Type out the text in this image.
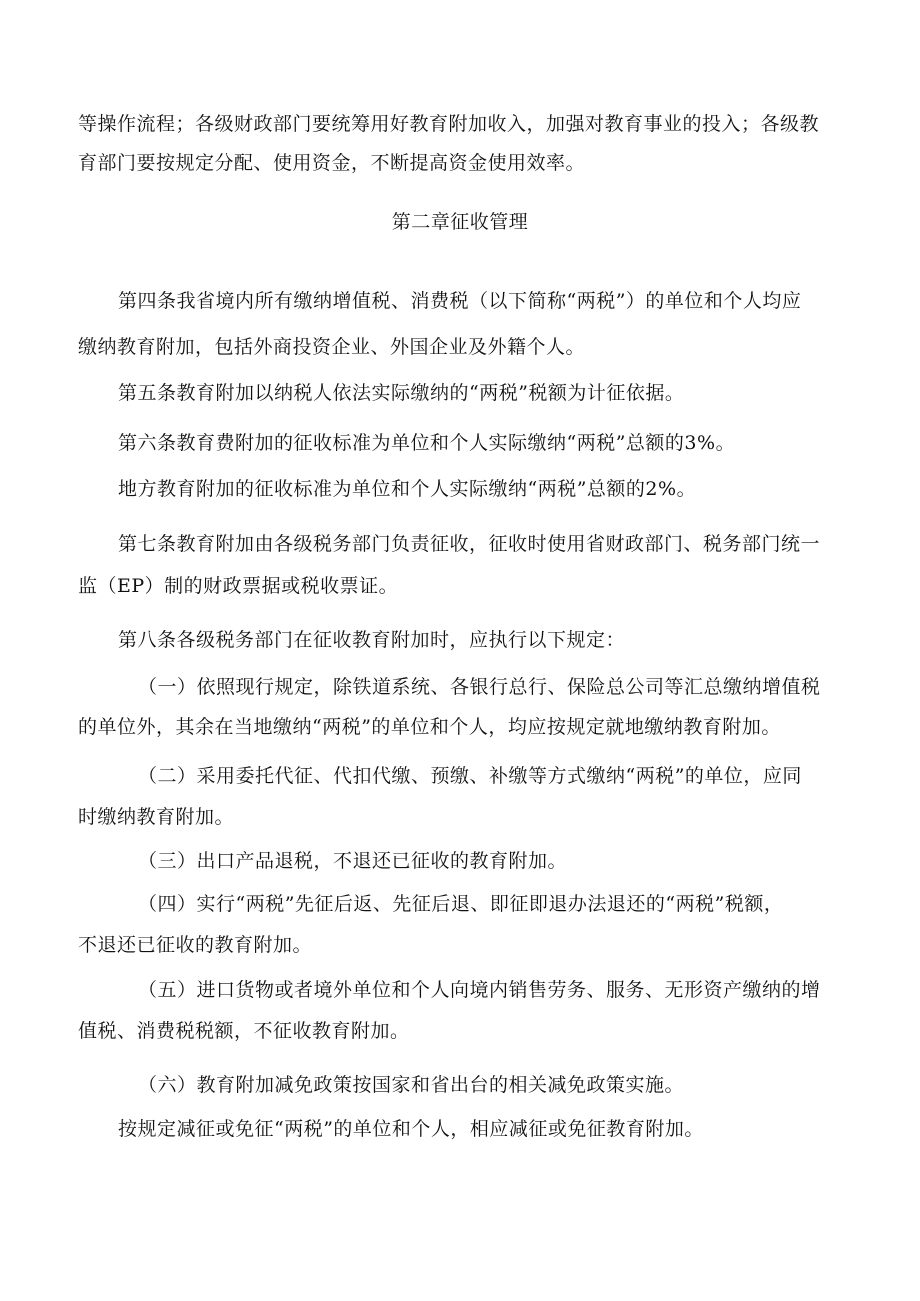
等操作流程；各级财政部门要统筹用好教育附加收入，加强对教育事业的投入；各级教
育部门要按规定分配、使用资金，不断提高资金使用效率。
第二章征收管理
第四条我省境内所有缴纳增值税、消费税（以下简称“两税”）的单位和个人均应
缴纳教育附加，包括外商投资企业、外国企业及外籍个人。
第五条教育附加以纳税人依法实际缴纳的“两税”税额为计征依据。
第六条教育费附加的征收标准为单位和个人实际缴纳“两税”总额的3%。
地方教育附加的征收标准为单位和个人实际缴纳“两税”总额的2%。
第七条教育附加由各级税务部门负责征收，征收时使用省财政部门、税务部门统一
监（EP）制的财政票据或税收票证。
第八条各级税务部门在征收教育附加时，应执行以下规定：
（一）依照现行规定，除铁道系统、各银行总行、保险总公司等汇总缴纳增值税
的单位外，其余在当地缴纳“两税”的单位和个人，均应按规定就地缴纳教育附加。
（二）采用委托代征、代扣代缴、预缴、补缴等方式缴纳“两税”的单位，应同
时缴纳教育附加。
（三）出口产品退税，不退还已征收的教育附加。
（四）实行“两税”先征后返、先征后退、即征即退办法退还的“两税”税额，
不退还已征收的教育附加。
（五）进口货物或者境外单位和个人向境内销售劳务、服务、无形资产缴纳的增
值税、消费税税额，不征收教育附加。
（六）教育附加减免政策按国家和省出台的相关减免政策实施。
按规定减征或免征“两税”的单位和个人，相应减征或免征教育附加。
